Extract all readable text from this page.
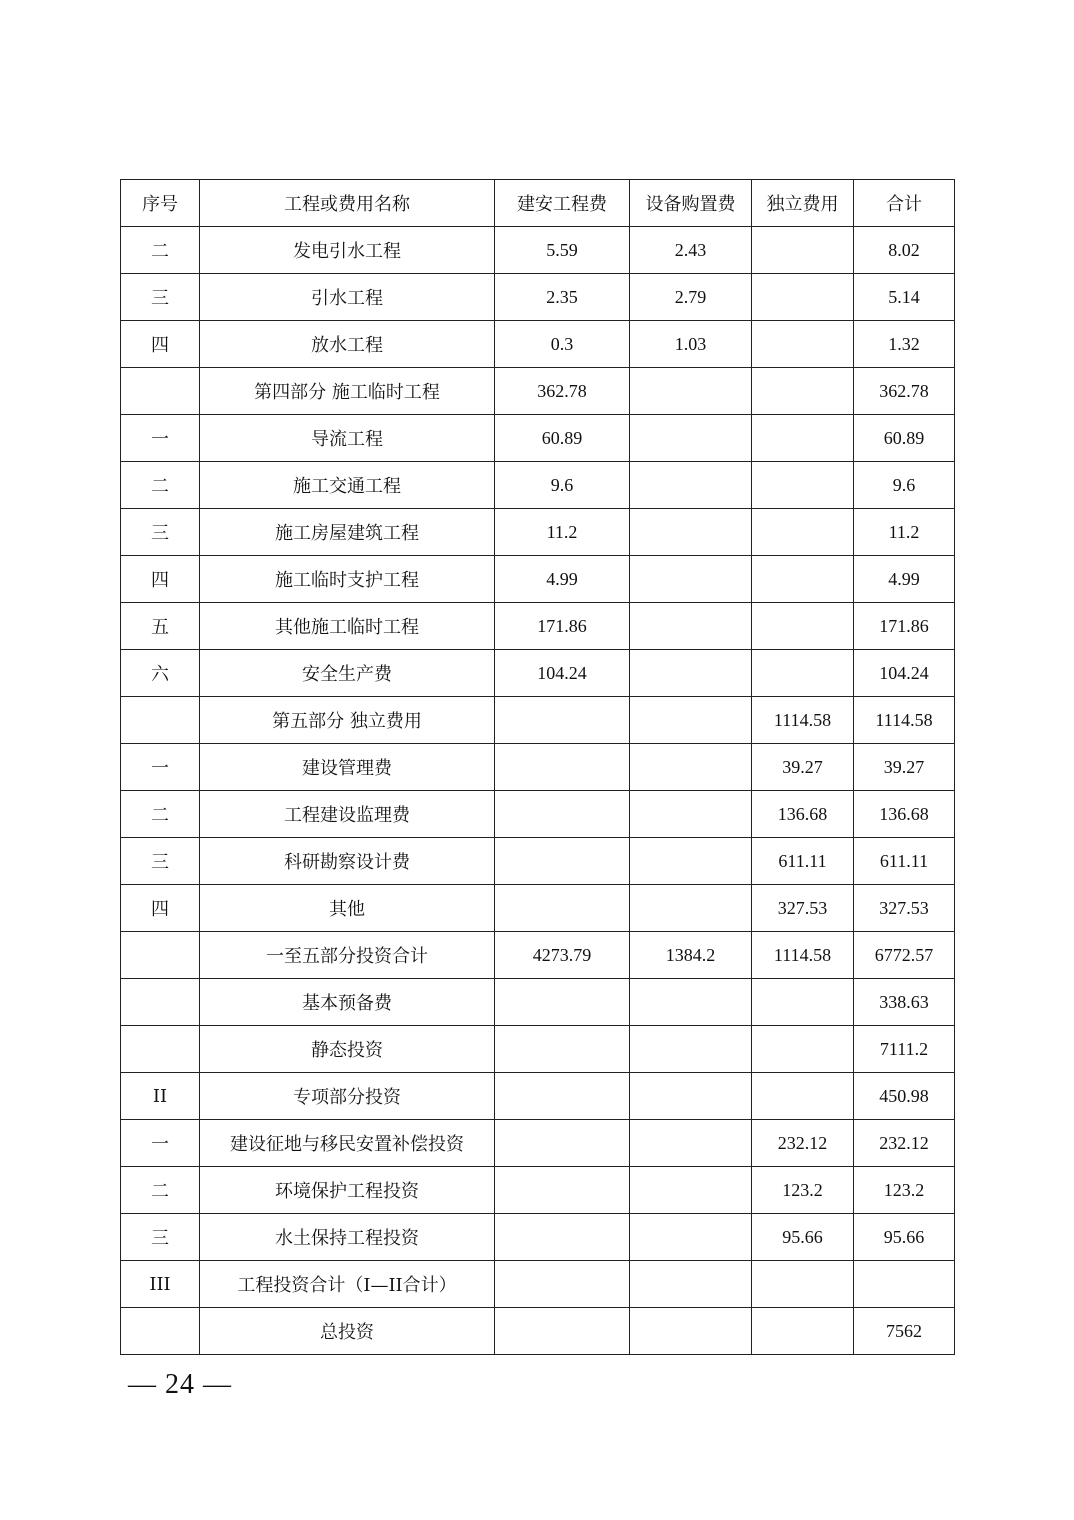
序号	工程或费用名称	建安工程费	设备购置费	独立费用	合计
二	发电引水工程	5.59	2.43		8.02
三	引水工程	2.35	2.79		5.14
四	放水工程	0.3	1.03		1.32
	第四部分 施工临时工程	362.78			362.78
一	导流工程	60.89			60.89
二	施工交通工程	9.6			9.6
三	施工房屋建筑工程	11.2			11.2
四	施工临时支护工程	4.99			4.99
五	其他施工临时工程	171.86			171.86
六	安全生产费	104.24			104.24
	第五部分 独立费用			1114.58	1114.58
一	建设管理费			39.27	39.27
二	工程建设监理费			136.68	136.68
三	科研勘察设计费			611.11	611.11
四	其他			327.53	327.53
	一至五部分投资合计	4273.79	1384.2	1114.58	6772.57
	基本预备费				338.63
	静态投资				7111.2
II	专项部分投资				450.98
一	建设征地与移民安置补偿投资			232.12	232.12
二	环境保护工程投资			123.2	123.2
三	水土保持工程投资			95.66	95.66
III	工程投资合计（I—II合计）				
	总投资				7562
— 24 —
